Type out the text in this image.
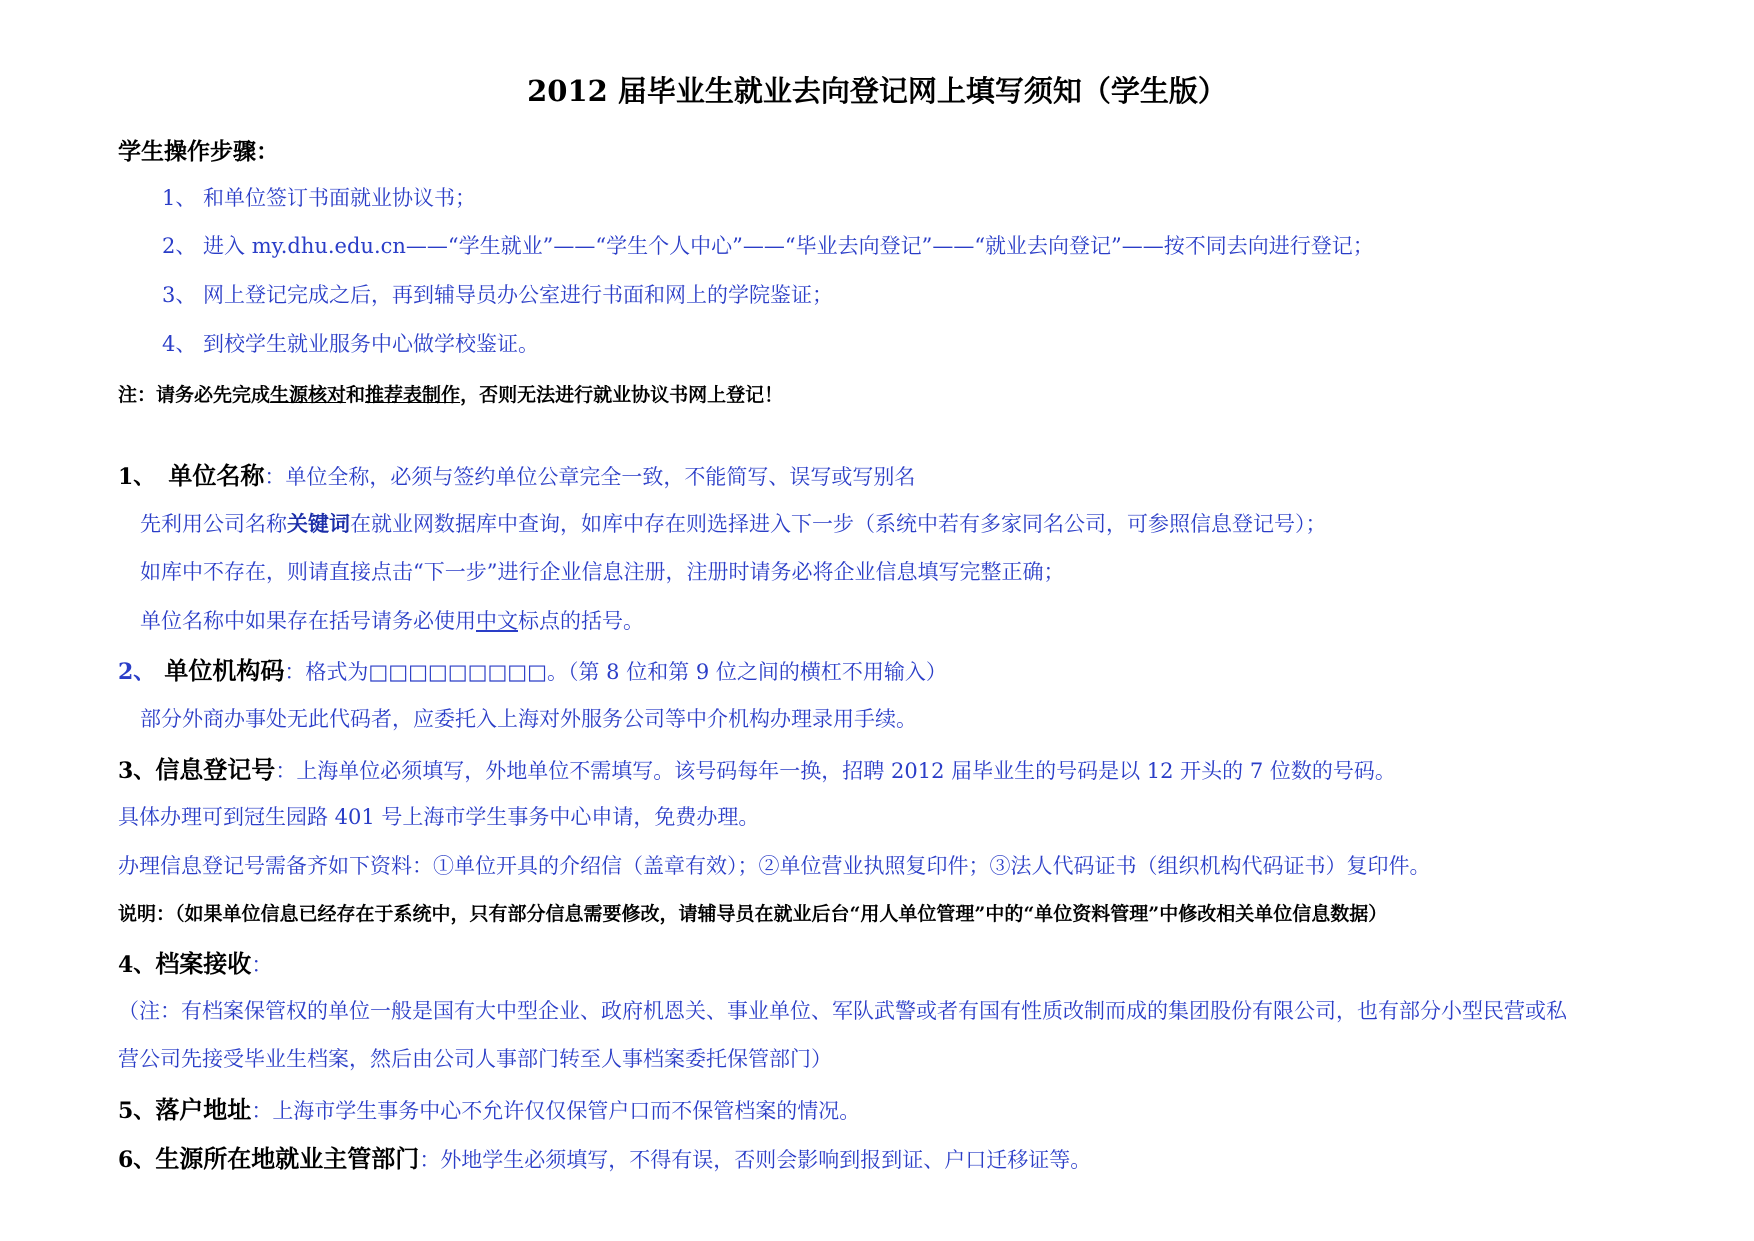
2012 届毕业生就业去向登记网上填写须知（学生版）
学生操作步骤：
1、 和单位签订书面就业协议书；
2、 进入 my.dhu.edu.cn——“学生就业”——“学生个人中心”——“毕业去向登记”——“就业去向登记”——按不同去向进行登记；
3、 网上登记完成之后，再到辅导员办公室进行书面和网上的学院鉴证；
4、 到校学生就业服务中心做学校鉴证。
注：请务必先完成生源核对和推荐表制作，否则无法进行就业协议书网上登记！
1、 单位名称：单位全称，必须与签约单位公章完全一致，不能简写、误写或写别名
先利用公司名称关键词在就业网数据库中查询，如库中存在则选择进入下一步（系统中若有多家同名公司，可参照信息登记号）；
如库中不存在，则请直接点击“下一步”进行企业信息注册，注册时请务必将企业信息填写完整正确；
单位名称中如果存在括号请务必使用中文标点的括号。
2、 单位机构码：格式为□□□□□□□□□。（第 8 位和第 9 位之间的横杠不用输入）
部分外商办事处无此代码者，应委托入上海对外服务公司等中介机构办理录用手续。
3、信息登记号：上海单位必须填写，外地单位不需填写。该号码每年一换，招聘 2012 届毕业生的号码是以 12 开头的 7 位数的号码。
具体办理可到冠生园路 401 号上海市学生事务中心申请，免费办理。
办理信息登记号需备齐如下资料：①单位开具的介绍信（盖章有效）；②单位营业执照复印件；③法人代码证书（组织机构代码证书）复印件。
说明：（如果单位信息已经存在于系统中，只有部分信息需要修改，请辅导员在就业后台“用人单位管理”中的“单位资料管理”中修改相关单位信息数据）
4、档案接收：
（注：有档案保管权的单位一般是国有大中型企业、政府机恩关、事业单位、军队武警或者有国有性质改制而成的集团股份有限公司，也有部分小型民营或私
营公司先接受毕业生档案，然后由公司人事部门转至人事档案委托保管部门）
5、落户地址：上海市学生事务中心不允许仅仅保管户口而不保管档案的情况。
6、生源所在地就业主管部门：外地学生必须填写，不得有误，否则会影响到报到证、户口迁移证等。
